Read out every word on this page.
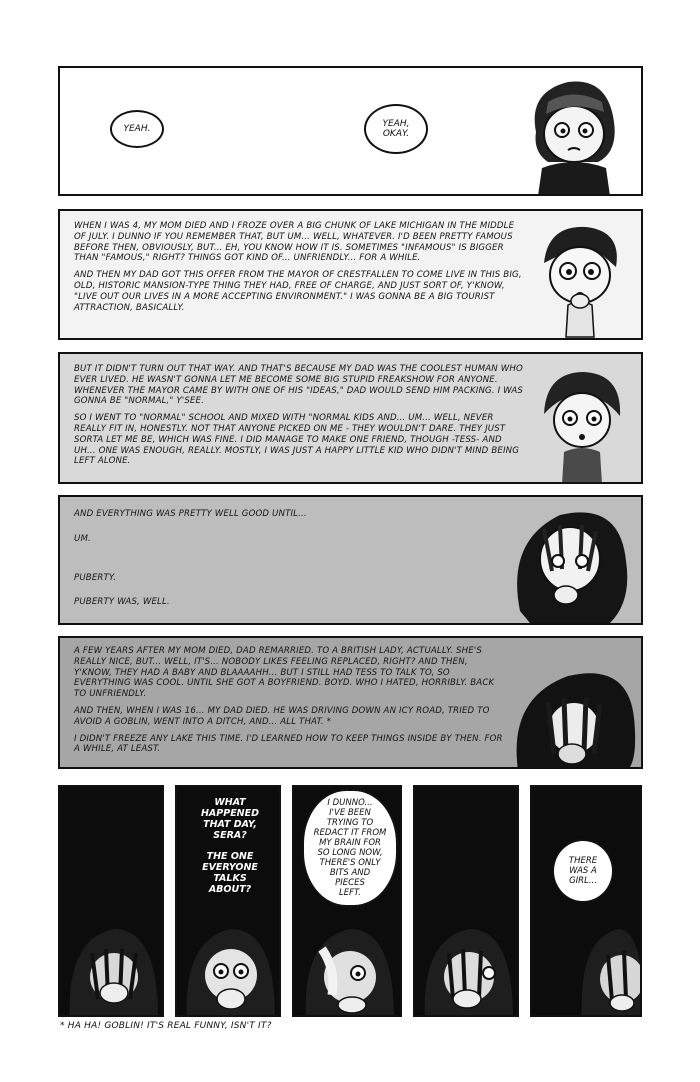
YEAH.	YEAH,
OKAY.

WHEN I WAS 4, MY MOM DIED AND I FROZE OVER A BIG CHUNK OF LAKE MICHIGAN IN THE MIDDLE OF JULY. I DUNNO IF YOU REMEMBER THAT, BUT UM... WELL, WHATEVER. I'D BEEN PRETTY FAMOUS BEFORE THEN, OBVIOUSLY, BUT... EH, YOU KNOW HOW IT IS. SOMETIMES "INFAMOUS" IS BIGGER THAN "FAMOUS," RIGHT? THINGS GOT KIND OF... UNFRIENDLY... FOR A WHILE.

AND THEN MY DAD GOT THIS OFFER FROM THE MAYOR OF CRESTFALLEN TO COME LIVE IN THIS BIG, OLD, HISTORIC MANSION-TYPE THING THEY HAD, FREE OF CHARGE, AND JUST SORT OF, Y'KNOW, "LIVE OUT OUR LIVES IN A MORE ACCEPTING ENVIRONMENT." I WAS GONNA BE A BIG TOURIST ATTRACTION, BASICALLY.

BUT IT DIDN'T TURN OUT THAT WAY. AND THAT'S BECAUSE MY DAD WAS THE COOLEST HUMAN WHO EVER LIVED. HE WASN'T GONNA LET ME BECOME SOME BIG STUPID FREAKSHOW FOR ANYONE. WHENEVER THE MAYOR CAME BY WITH ONE OF HIS "IDEAS," DAD WOULD SEND HIM PACKING. I WAS GONNA BE "NORMAL," Y'SEE.

SO I WENT TO "NORMAL" SCHOOL AND MIXED WITH "NORMAL KIDS AND... UM... WELL, NEVER REALLY FIT IN, HONESTLY. NOT THAT ANYONE PICKED ON ME - THEY WOULDN'T DARE. THEY JUST SORTA LET ME BE, WHICH WAS FINE. I DID MANAGE TO MAKE ONE FRIEND, THOUGH -TESS- AND UH... ONE WAS ENOUGH, REALLY. MOSTLY, I WAS JUST A HAPPY LITTLE KID WHO DIDN'T MIND BEING LEFT ALONE.

AND EVERYTHING WAS PRETTY WELL GOOD UNTIL...

UM.

PUBERTY.

PUBERTY WAS, WELL.

A FEW YEARS AFTER MY MOM DIED, DAD REMARRIED. TO A BRITISH LADY, ACTUALLY. SHE'S REALLY NICE, BUT... WELL, IT'S... NOBODY LIKES FEELING REPLACED, RIGHT? AND THEN, Y'KNOW, THEY HAD A BABY AND BLAAAAHH... BUT I STILL HAD TESS TO TALK TO, SO EVERYTHING WAS COOL. UNTIL SHE GOT A BOYFRIEND. BOYD. WHO I HATED, HORRIBLY. BACK TO UNFRIENDLY.

AND THEN, WHEN I WAS 16... MY DAD DIED. HE WAS DRIVING DOWN AN ICY ROAD, TRIED TO AVOID A GOBLIN, WENT INTO A DITCH, AND... ALL THAT. *

I DIDN'T FREEZE ANY LAKE THIS TIME. I'D LEARNED HOW TO KEEP THINGS INSIDE BY THEN. FOR A WHILE, AT LEAST.

WHAT
HAPPENED
THAT DAY,
SERA?
THE ONE
EVERYONE
TALKS
ABOUT?
I DUNNO...
I'VE BEEN
TRYING TO
REDACT IT FROM
MY BRAIN FOR
SO LONG NOW,
THERE'S ONLY
BITS AND
PIECES
LEFT.
THERE
WAS A
GIRL...
* HA HA! GOBLIN! IT'S REAL FUNNY, ISN'T IT?
